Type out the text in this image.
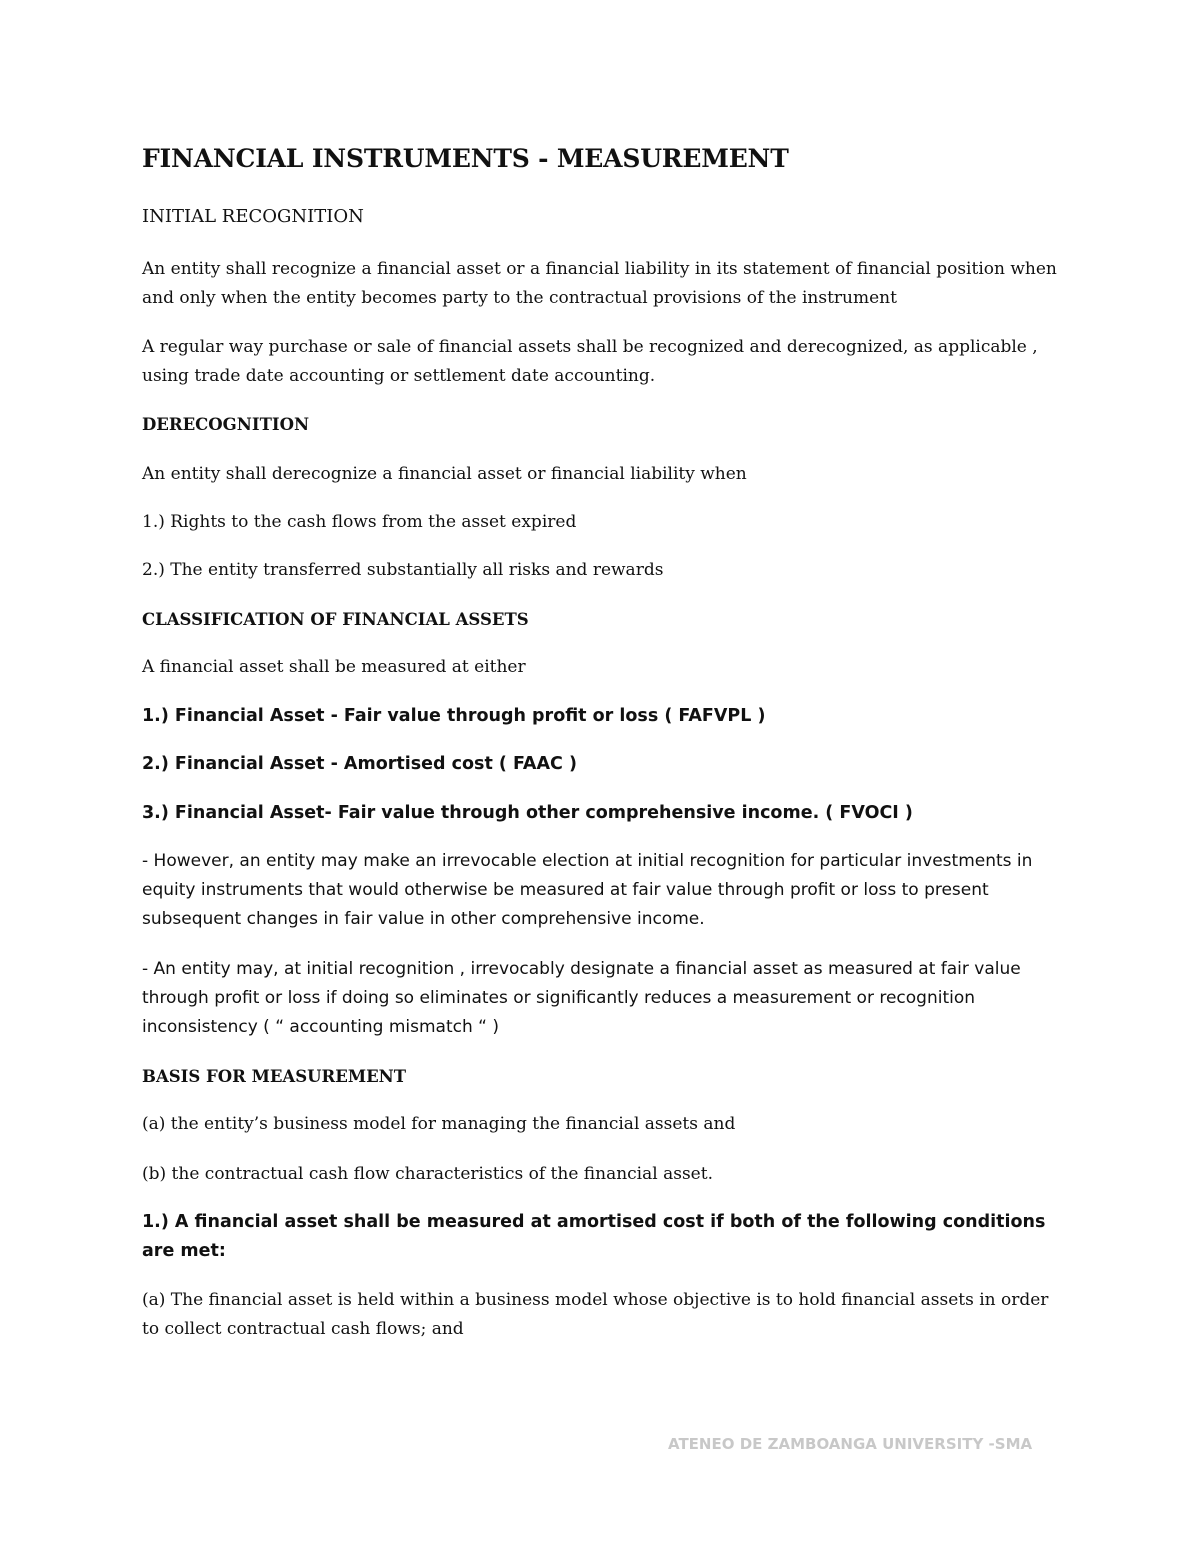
FINANCIAL INSTRUMENTS - MEASUREMENT

INITIAL RECOGNITION

An entity shall recognize a financial asset or a financial liability in its statement of financial position when and only when the entity becomes party to the contractual provisions of the instrument

A regular way purchase or sale of financial assets shall be recognized and derecognized, as applicable , using trade date accounting or settlement date accounting.

DERECOGNITION

An entity shall derecognize a financial asset or financial liability when

1.) Rights to the cash flows from the asset expired

2.) The entity transferred substantially all risks and rewards

CLASSIFICATION OF FINANCIAL ASSETS

A financial asset shall be measured at either

1.) Financial Asset - Fair value through profit or loss ( FAFVPL )

2.) Financial Asset - Amortised cost ( FAAC )

3.) Financial Asset- Fair value through other comprehensive income. ( FVOCI )

- However, an entity may make an irrevocable election at initial recognition for particular investments in equity instruments that would otherwise be measured at fair value through profit or loss to present subsequent changes in fair value in other comprehensive income.

- An entity may, at initial recognition , irrevocably designate a financial asset as measured at fair value through profit or loss if doing so eliminates or significantly reduces a measurement or recognition inconsistency ( “ accounting mismatch “ )

BASIS FOR MEASUREMENT

(a) the entity’s business model for managing the financial assets and

(b) the contractual cash flow characteristics of the financial asset.

1.) A financial asset shall be measured at amortised cost if both of the following conditions are met:

(a) The financial asset is held within a business model whose objective is to hold financial assets in order to collect contractual cash flows; and

ATENEO DE ZAMBOANGA UNIVERSITY -SMA
